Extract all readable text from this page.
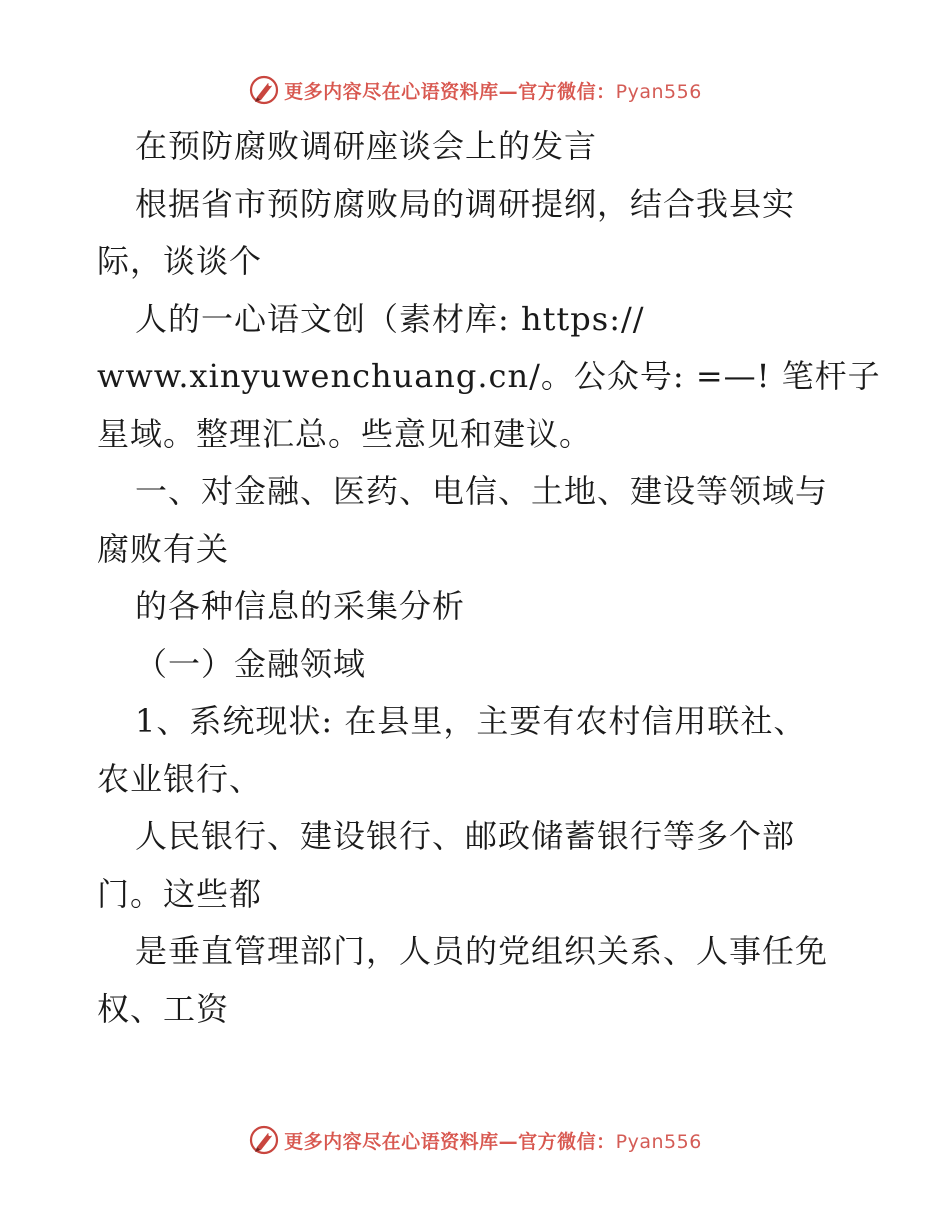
更多内容尽在心语资料库—官方微信：Pyan556
在预防腐败调研座谈会上的发言
根据省市预防腐败局的调研提纲，结合我县实
际，谈谈个
人的一心语文创（素材库: https://
www.xinyuwenchuang.cn/。公众号: =—! 笔杆子
星域。整理汇总。些意见和建议。
一、对金融、医药、电信、土地、建设等领域与
腐败有关
的各种信息的采集分析
（一）金融领域
1、系统现状: 在县里，主要有农村信用联社、
农业银行、
人民银行、建设银行、邮政储蓄银行等多个部
门。这些都
是垂直管理部门，人员的党组织关系、人事任免
权、工资
更多内容尽在心语资料库—官方微信：Pyan556
